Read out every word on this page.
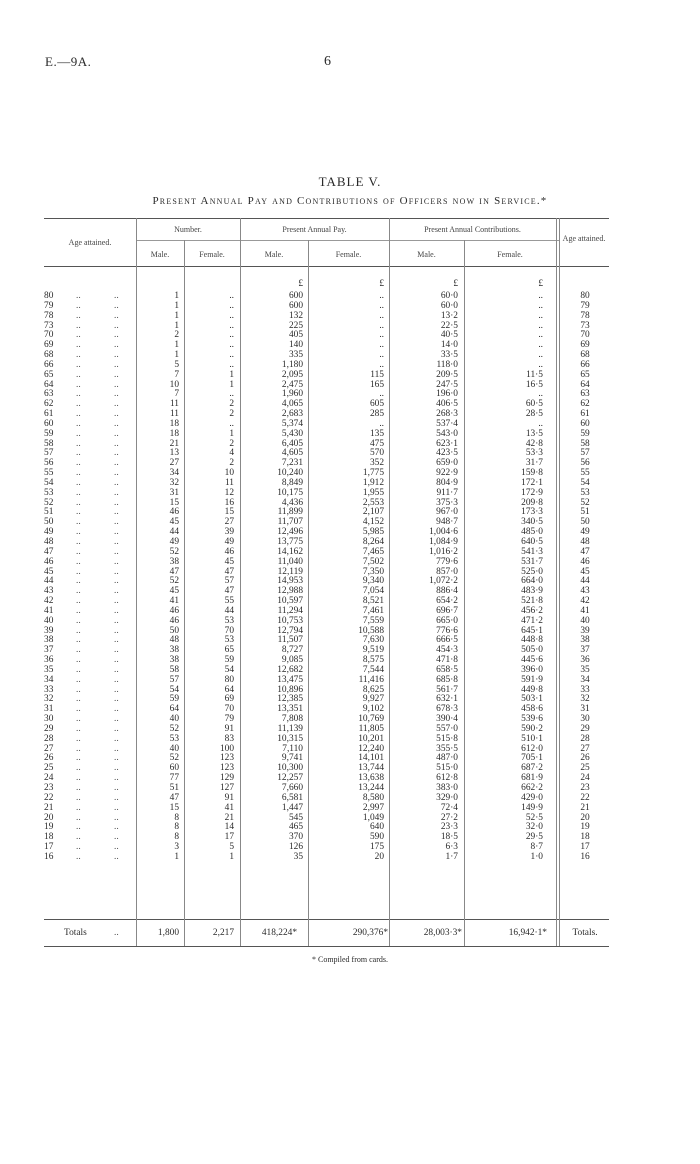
E.—9A.	6
TABLE V.
Present Annual Pay and Contributions of Officers now in Service.*
Age attained.
Number.	Present Annual Pay.	Present Annual Contributions.
Age attained.
Male.	Female.	Male.	Female.	Male.	Female.
£	£	£	£
80	..	..	1	..	600	..	60·0	..	80
79	..	..	1	..	600	..	60·0	..	79
78	..	..	1	..	132	..	13·2	..	78
73	..	..	1	..	225	..	22·5	..	73
70	..	..	2	..	405	..	40·5	..	70
69	..	..	1	..	140	..	14·0	..	69
68	..	..	1	..	335	..	33·5	..	68
66	..	..	5	..	1,180	..	118·0	..	66
65	..	..	7	1	2,095	115	209·5	11·5	65
64	..	..	10	1	2,475	165	247·5	16·5	64
63	..	..	7	..	1,960	..	196·0	..	63
62	..	..	11	2	4,065	605	406·5	60·5	62
61	..	..	11	2	2,683	285	268·3	28·5	61
60	..	..	18	..	5,374	..	537·4	..	60
59	..	..	18	1	5,430	135	543·0	13·5	59
58	..	..	21	2	6,405	475	623·1	42·8	58
57	..	..	13	4	4,605	570	423·5	53·3	57
56	..	..	27	2	7,231	352	659·0	31·7	56
55	..	..	34	10	10,240	1,775	922·9	159·8	55
54	..	..	32	11	8,849	1,912	804·9	172·1	54
53	..	..	31	12	10,175	1,955	911·7	172·9	53
52	..	..	15	16	4,436	2,553	375·3	209·8	52
51	..	..	46	15	11,899	2,107	967·0	173·3	51
50	..	..	45	27	11,707	4,152	948·7	340·5	50
49	..	..	44	39	12,496	5,985	1,004·6	485·0	49
48	..	..	49	49	13,775	8,264	1,084·9	640·5	48
47	..	..	52	46	14,162	7,465	1,016·2	541·3	47
46	..	..	38	45	11,040	7,502	779·6	531·7	46
45	..	..	47	47	12,119	7,350	857·0	525·0	45
44	..	..	52	57	14,953	9,340	1,072·2	664·0	44
43	..	..	45	47	12,988	7,054	886·4	483·9	43
42	..	..	41	55	10,597	8,521	654·2	521·8	42
41	..	..	46	44	11,294	7,461	696·7	456·2	41
40	..	..	46	53	10,753	7,559	665·0	471·2	40
39	..	..	50	70	12,794	10,588	776·6	645·1	39
38	..	..	48	53	11,507	7,630	666·5	448·8	38
37	..	..	38	65	8,727	9,519	454·3	505·0	37
36	..	..	38	59	9,085	8,575	471·8	445·6	36
35	..	..	58	54	12,682	7,544	658·5	396·0	35
34	..	..	57	80	13,475	11,416	685·8	591·9	34
33	..	..	54	64	10,896	8,625	561·7	449·8	33
32	..	..	59	69	12,385	9,927	632·1	503·1	32
31	..	..	64	70	13,351	9,102	678·3	458·6	31
30	..	..	40	79	7,808	10,769	390·4	539·6	30
29	..	..	52	91	11,139	11,805	557·0	590·2	29
28	..	..	53	83	10,315	10,201	515·8	510·1	28
27	..	..	40	100	7,110	12,240	355·5	612·0	27
26	..	..	52	123	9,741	14,101	487·0	705·1	26
25	..	..	60	123	10,300	13,744	515·0	687·2	25
24	..	..	77	129	12,257	13,638	612·8	681·9	24
23	..	..	51	127	7,660	13,244	383·0	662·2	23
22	..	..	47	91	6,581	8,580	329·0	429·0	22
21	..	..	15	41	1,447	2,997	72·4	149·9	21
20	..	..	8	21	545	1,049	27·2	52·5	20
19	..	..	8	14	465	640	23·3	32·0	19
18	..	..	8	17	370	590	18·5	29·5	18
17	..	..	3	5	126	175	6·3	8·7	17
16	..	..	1	1	35	20	1·7	1·0	16
Totals	..	1,800	2,217	418,224*	290,376*	28,003·3*	16,942·1*	Totals.
* Compiled from cards.
